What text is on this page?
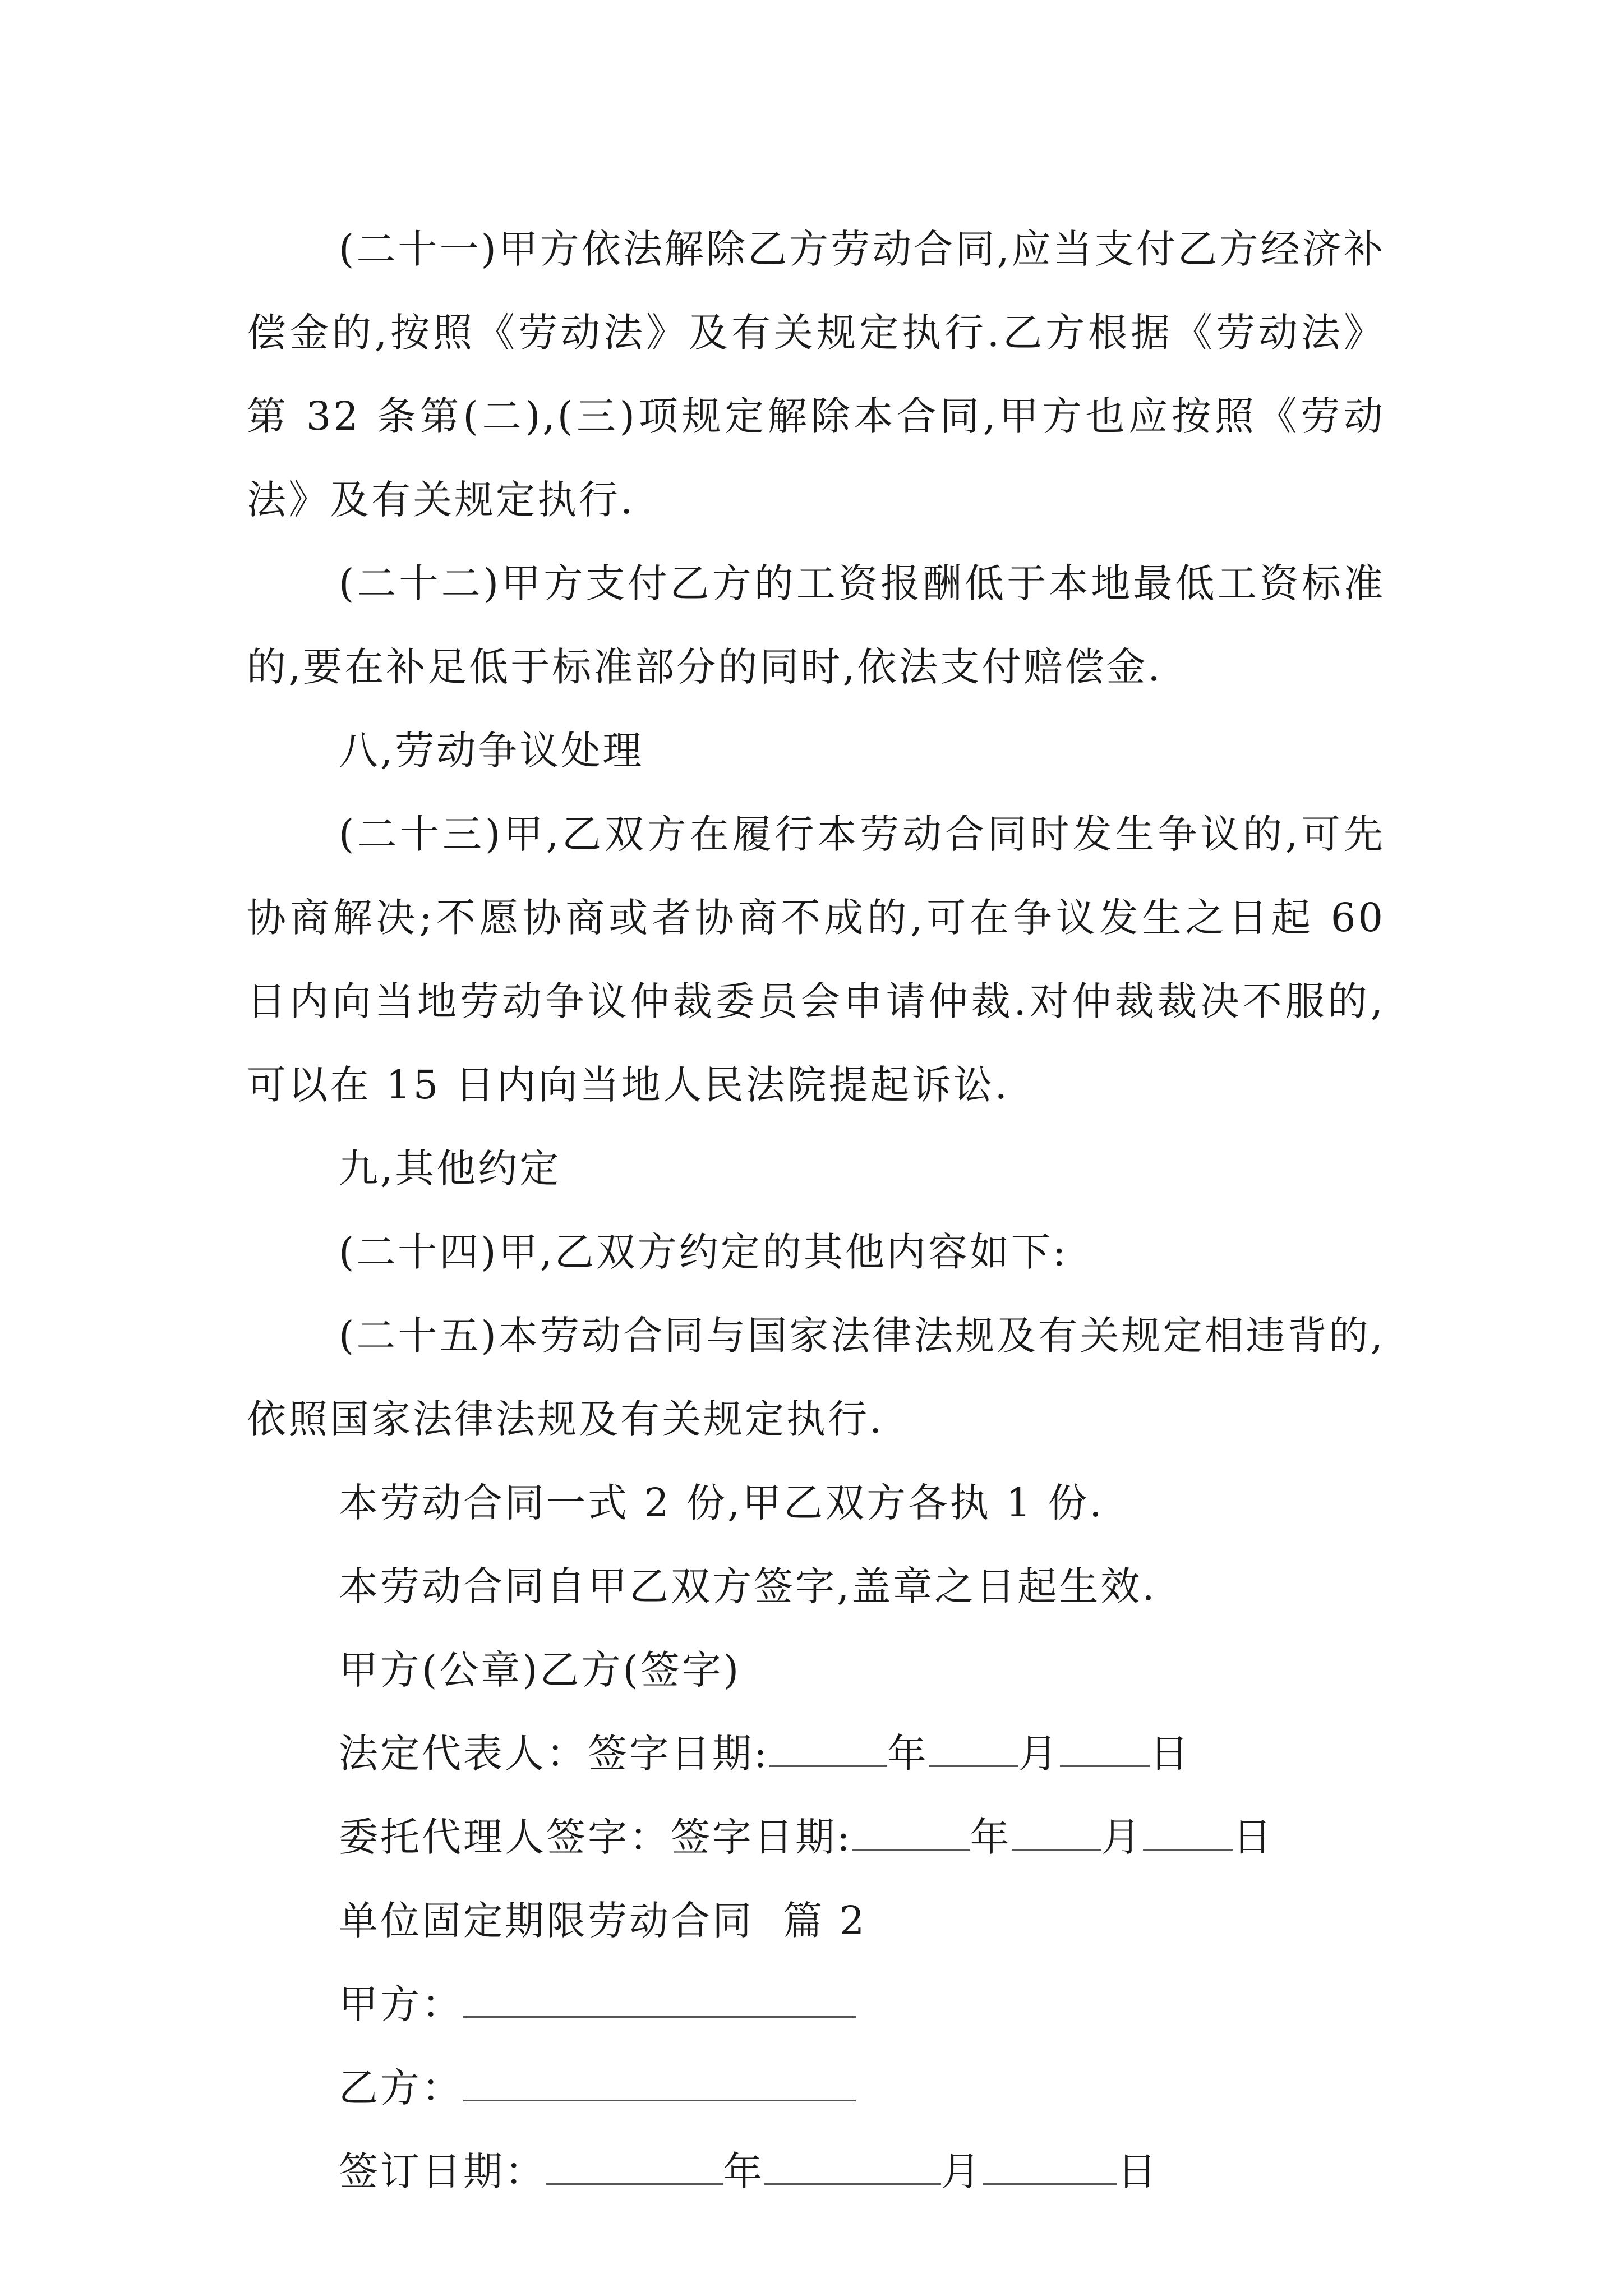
(二十一)甲方依法解除乙方劳动合同,应当支付乙方经济补偿金的,按照《劳动法》及有关规定执行.乙方根据《劳动法》第 32 条第(二),(三)项规定解除本合同,甲方也应按照《劳动法》及有关规定执行.

(二十二)甲方支付乙方的工资报酬低于本地最低工资标准的,要在补足低于标准部分的同时,依法支付赔偿金.

八,劳动争议处理

(二十三)甲,乙双方在履行本劳动合同时发生争议的,可先协商解决;不愿协商或者协商不成的,可在争议发生之日起 60 日内向当地劳动争议仲裁委员会申请仲裁.对仲裁裁决不服的,可以在 15 日内向当地人民法院提起诉讼.

九,其他约定

(二十四)甲,乙双方约定的其他内容如下:

(二十五)本劳动合同与国家法律法规及有关规定相违背的,依照国家法律法规及有关规定执行.

本劳动合同一式 2 份,甲乙双方各执 1 份.

本劳动合同自甲乙双方签字,盖章之日起生效.

甲方(公章)乙方(签字)

法定代表人：签字日期:	年 月 日

委托代理人签字：签字日期:	年 月 日

单位固定期限劳动合同  篇 2

甲方：

乙方：

签订日期：	年	月	日
